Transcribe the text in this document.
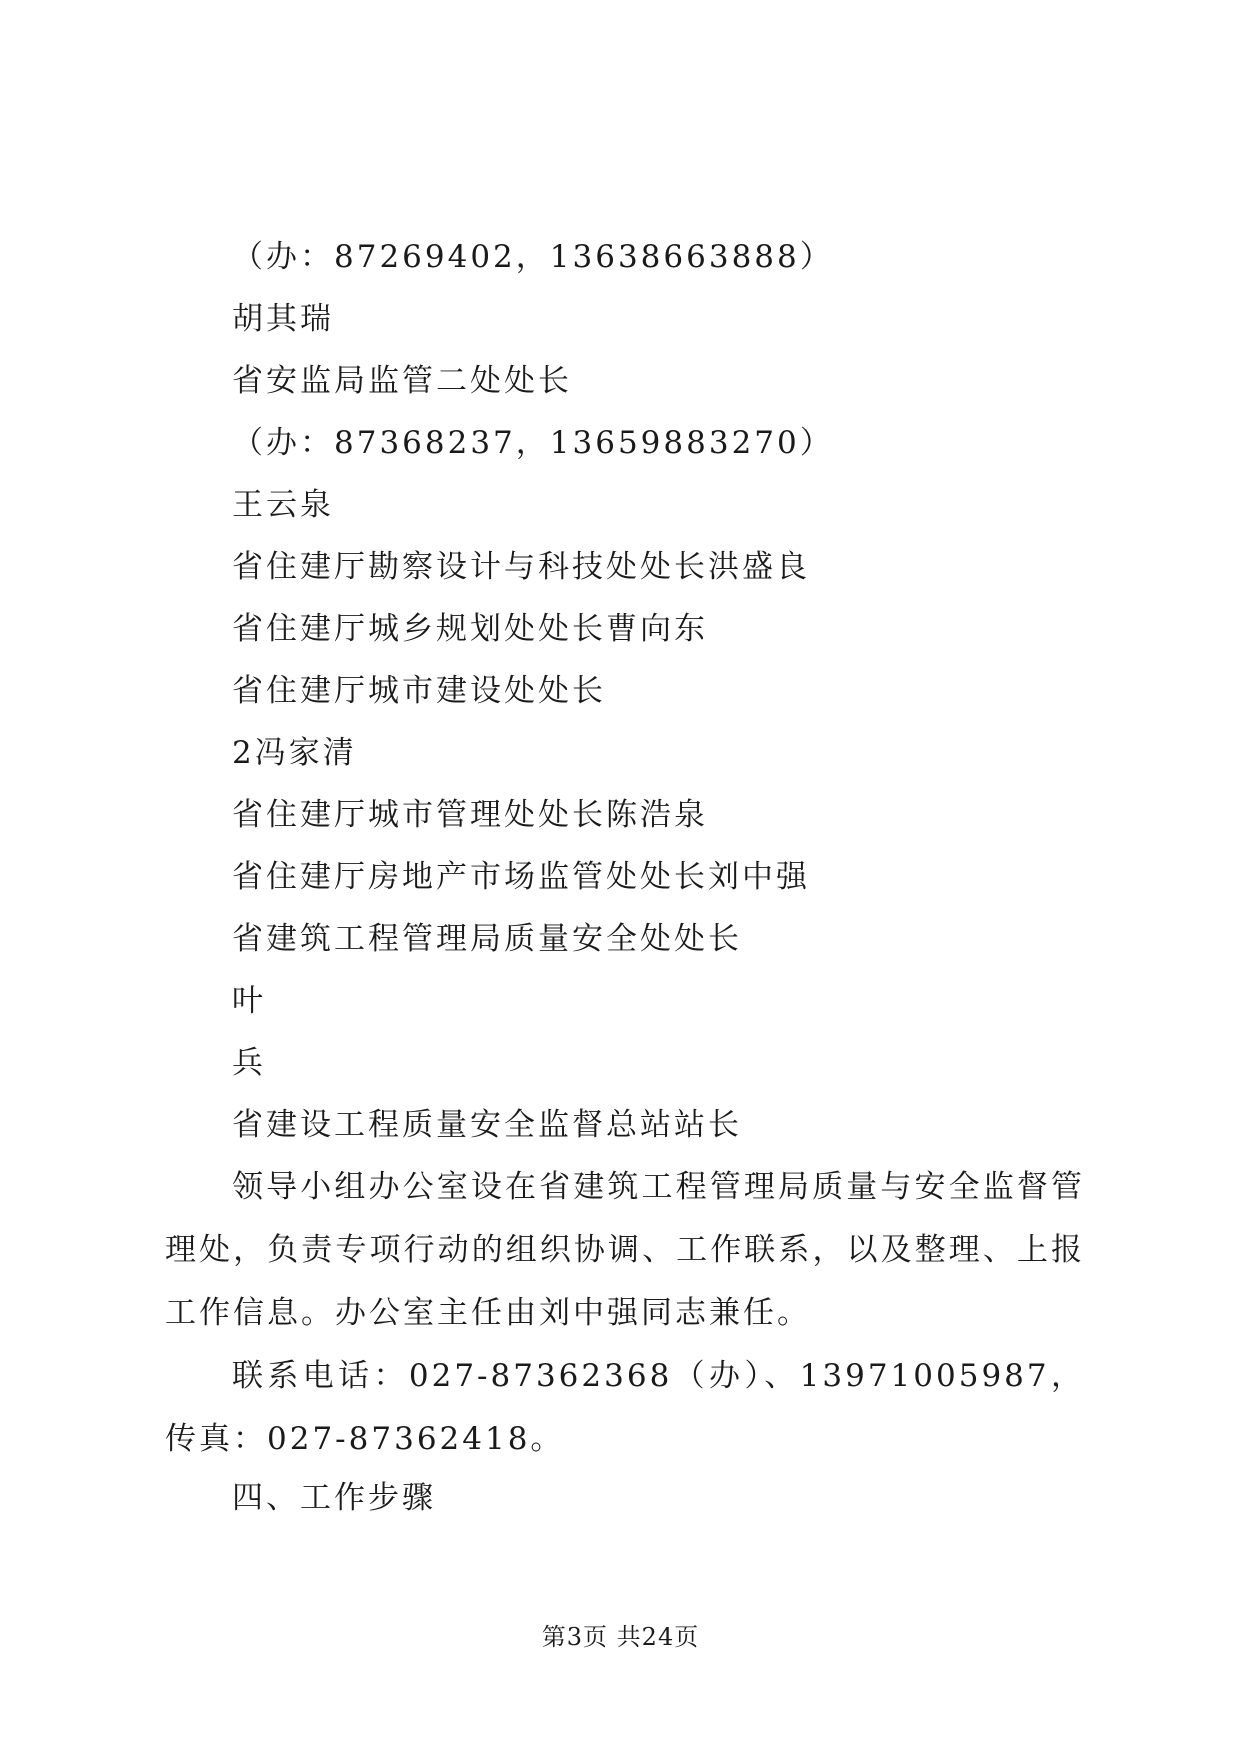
（办：87269402，13638663888）
胡其瑞
省安监局监管二处处长
（办：87368237，13659883270）
王云泉
省住建厅勘察设计与科技处处长洪盛良
省住建厅城乡规划处处长曹向东
省住建厅城市建设处处长
2冯家清
省住建厅城市管理处处长陈浩泉
省住建厅房地产市场监管处处长刘中强
省建筑工程管理局质量安全处处长
叶
兵
省建设工程质量安全监督总站站长
领导小组办公室设在省建筑工程管理局质量与安全监督管理处，负责专项行动的组织协调、工作联系，以及整理、上报工作信息。办公室主任由刘中强同志兼任。
联系电话：027-87362368（办）、13971005987，传真：027-87362418。
四、工作步骤
第3页 共24页
